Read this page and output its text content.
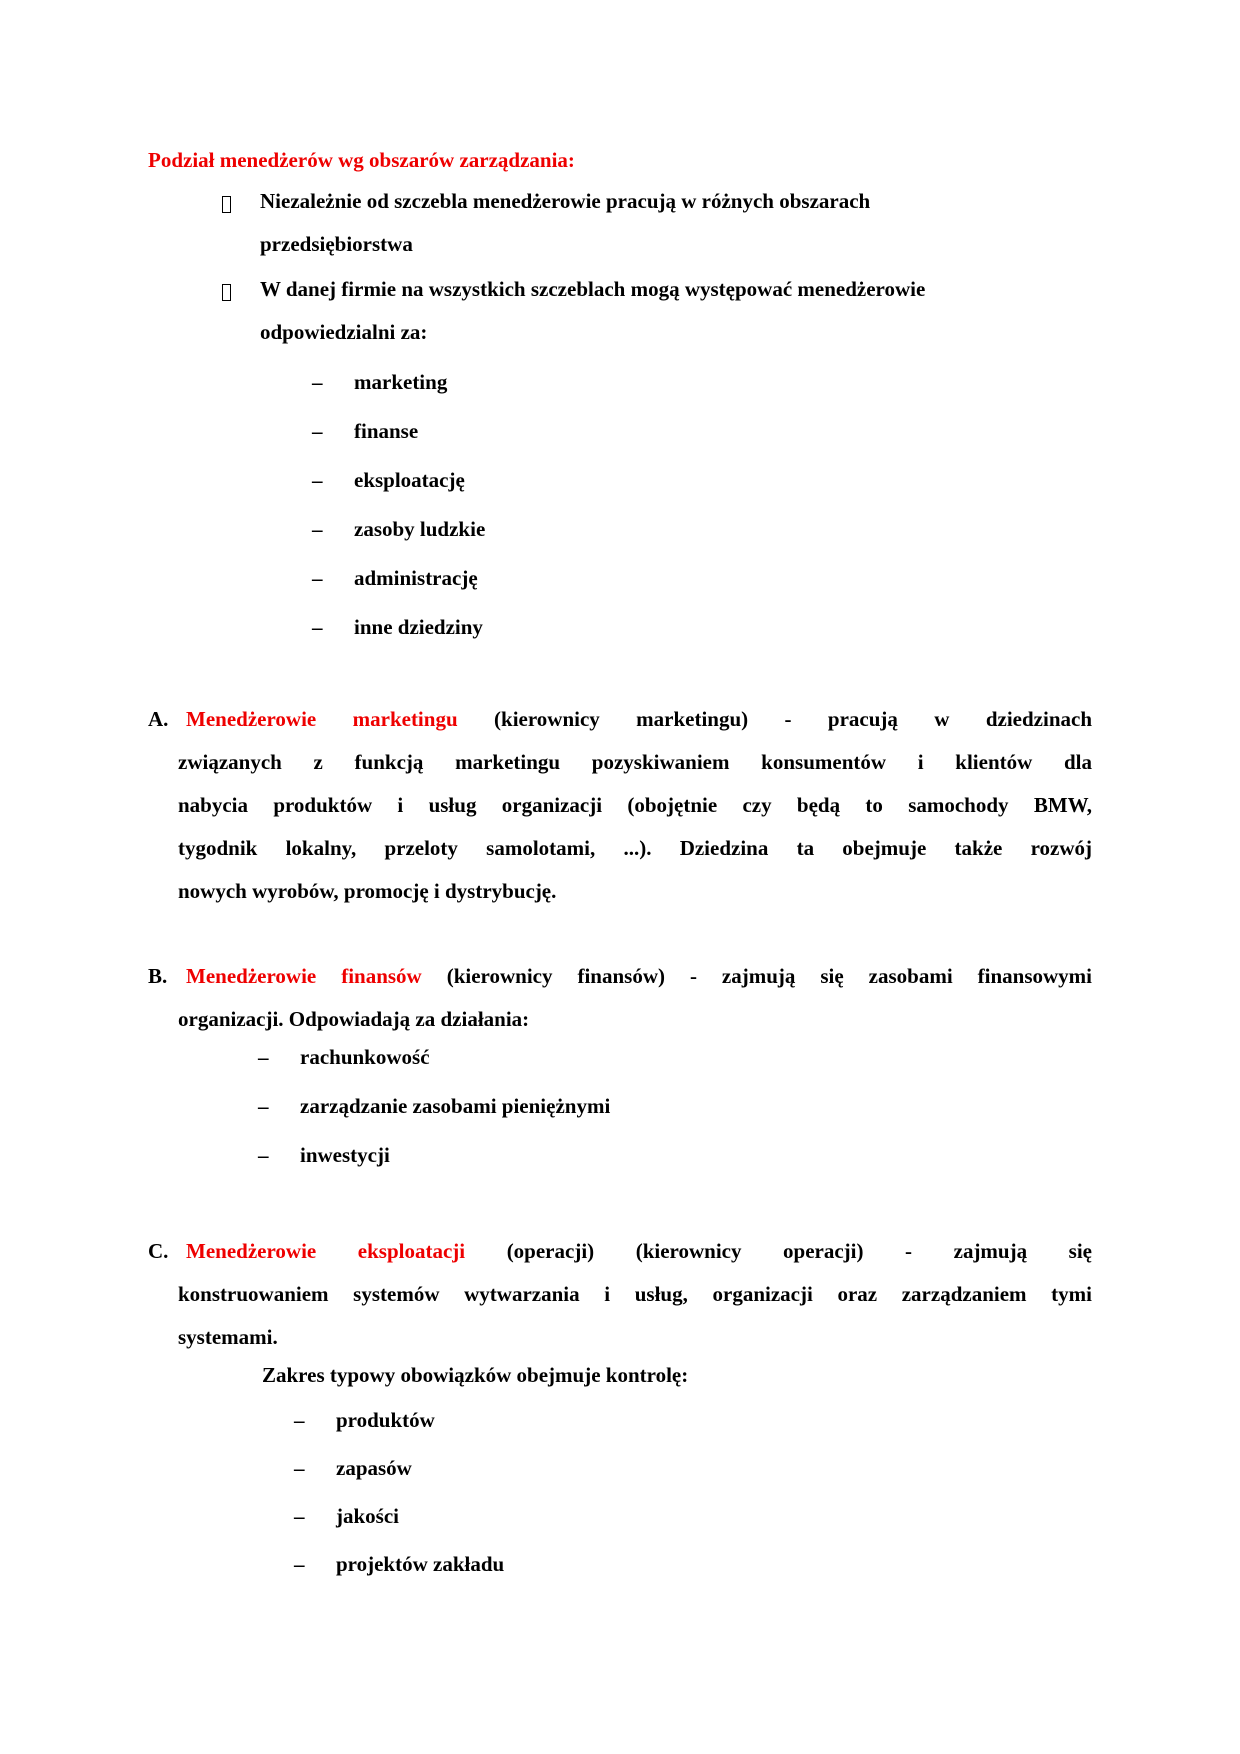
Podział menedżerów wg obszarów zarządzania:
Niezależnie od szczebla menedżerowie pracują w różnych obszarach
przedsiębiorstwa
W danej firmie na wszystkich szczeblach mogą występować menedżerowie
odpowiedzialni za:
– marketing
– finanse
– eksploatację
– zasoby ludzkie
– administrację
– inne dziedziny
A. Menedżerowie marketingu (kierownicy marketingu) - pracują w dziedzinach
związanych z funkcją marketingu pozyskiwaniem konsumentów i klientów dla
nabycia produktów i usług organizacji (obojętnie czy będą to samochody BMW,
tygodnik lokalny, przeloty samolotami, ...). Dziedzina ta obejmuje także rozwój
nowych wyrobów, promocję i dystrybucję.
B. Menedżerowie finansów (kierownicy finansów) - zajmują się zasobami finansowymi
organizacji. Odpowiadają za działania:
– rachunkowość
– zarządzanie zasobami pieniężnymi
– inwestycji
C. Menedżerowie eksploatacji (operacji) (kierownicy operacji) - zajmują się
konstruowaniem systemów wytwarzania i usług, organizacji oraz zarządzaniem tymi
systemami.
Zakres typowy obowiązków obejmuje kontrolę:
– produktów
– zapasów
– jakości
– projektów zakładu
